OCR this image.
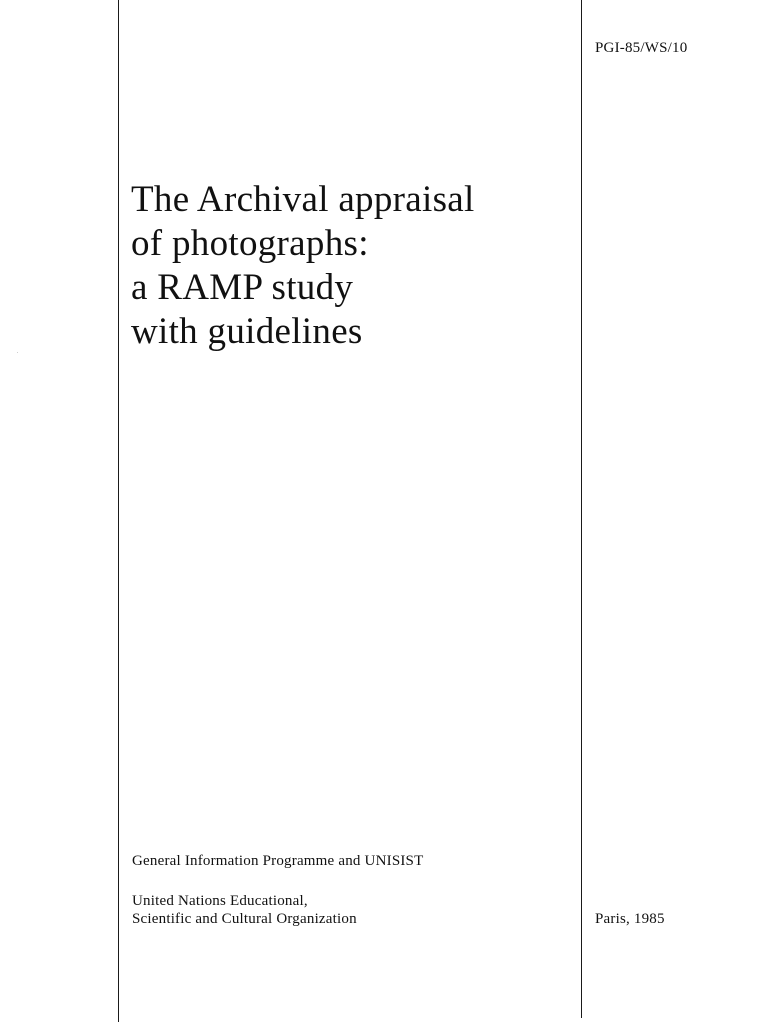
PGI-85/WS/10
The Archival appraisal
of photographs:
a RAMP study
with guidelines
General Information Programme and UNISIST
United Nations Educational,
Scientific and Cultural Organization	Paris, 1985
